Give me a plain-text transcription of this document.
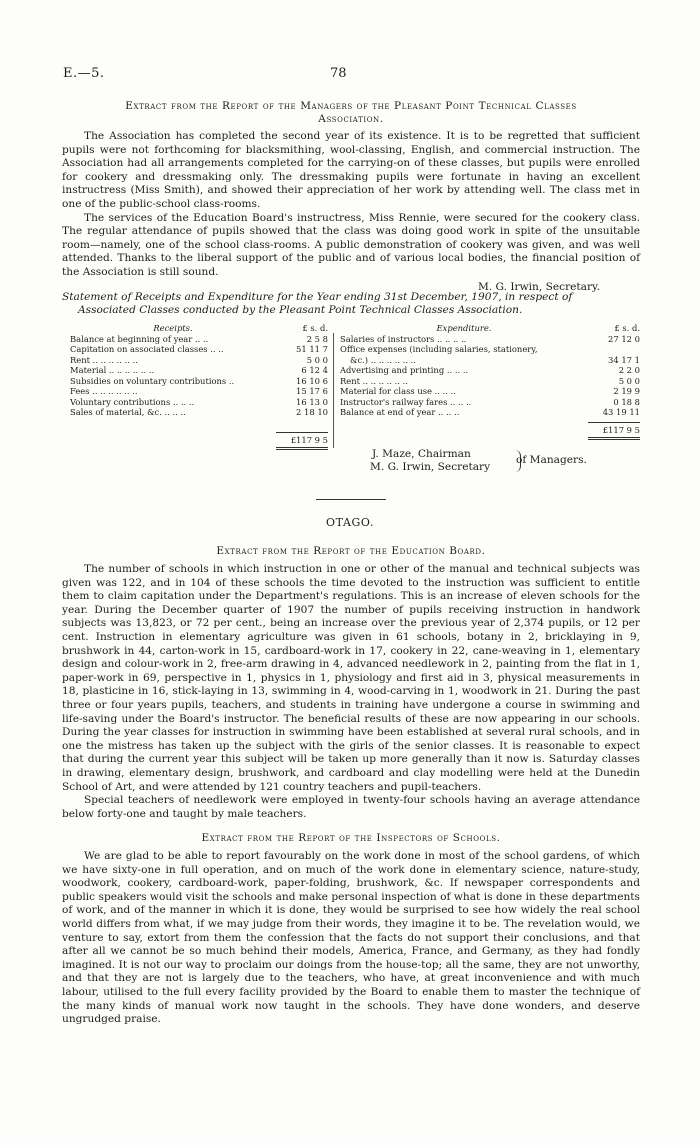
E.—5.	78
Extract from the Report of the Managers of the Pleasant Point Technical Classes Association.

The Association has completed the second year of its existence. It is to be regretted that sufficient pupils were not forthcoming for blacksmithing, wool-classing, English, and commercial instruction. The Association had all arrangements completed for the carrying-on of these classes, but pupils were enrolled for cookery and dressmaking only. The dressmaking pupils were fortunate in having an excellent instructress (Miss Smith), and showed their appreciation of her work by attending well. The class met in one of the public-school class-rooms.

The services of the Education Board's instructress, Miss Rennie, were secured for the cookery class. The regular attendance of pupils showed that the class was doing good work in spite of the unsuitable room—namely, one of the school class-rooms. A public demonstration of cookery was given, and was well attended. Thanks to the liberal support of the public and of various local bodies, the financial position of the Association is still sound.

M. G. Irwin, Secretary.
Statement of Receipts and Expenditure for the Year ending 31st December, 1907, in respect of
Associated Classes conducted by the Pleasant Point Technical Classes Association.
Receipts.	£ s. d.
Balance at beginning of year .. ..	2 5 8
Capitation on associated classes .. ..	51 11 7
Rent .. .. .. .. .. ..	5 0 0
Material .. .. .. .. .. ..	6 12 4
Subsidies on voluntary contributions ..	16 10 6
Fees .. .. .. .. .. ..	15 17 6
Voluntary contributions .. .. ..	16 13 0
Sales of material, &c. .. .. ..	2 18 10
£117 9 5
Expenditure.	£ s. d.
Salaries of instructors .. .. .. ..	27 12 0
Office expenses (including salaries, stationery,
&c.) .. .. .. .. .. ..	34 17 1
Advertising and printing .. .. ..	2 2 0
Rent .. .. .. .. .. ..	5 0 0
Material for class use .. .. ..	2 19 9
Instructor's railway fares .. .. ..	0 18 8
Balance at end of year .. .. ..	43 19 11
£117 9 5
J. Maze, Chairman
M. G. Irwin, Secretary
of Managers.
OTAGO.
Extract from the Report of the Education Board.

The number of schools in which instruction in one or other of the manual and technical subjects was given was 122, and in 104 of these schools the time devoted to the instruction was sufficient to entitle them to claim capitation under the Department's regulations. This is an increase of eleven schools for the year. During the December quarter of 1907 the number of pupils receiving instruction in handwork subjects was 13,823, or 72 per cent., being an increase over the previous year of 2,374 pupils, or 12 per cent. Instruction in elementary agriculture was given in 61 schools, botany in 2, bricklaying in 9, brushwork in 44, carton-work in 15, cardboard-work in 17, cookery in 22, cane-weaving in 1, elementary design and colour-work in 2, free-arm drawing in 4, advanced needlework in 2, painting from the flat in 1, paper-work in 69, perspective in 1, physics in 1, physiology and first aid in 3, physical measurements in 18, plasticine in 16, stick-laying in 13, swimming in 4, wood-carving in 1, woodwork in 21. During the past three or four years pupils, teachers, and students in training have undergone a course in swimming and life-saving under the Board's instructor. The beneficial results of these are now appearing in our schools. During the year classes for instruction in swimming have been established at several rural schools, and in one the mistress has taken up the subject with the girls of the senior classes. It is reasonable to expect that during the current year this subject will be taken up more generally than it now is. Saturday classes in drawing, elementary design, brushwork, and cardboard and clay modelling were held at the Dunedin School of Art, and were attended by 121 country teachers and pupil-teachers.

Special teachers of needlework were employed in twenty-four schools having an average attendance below forty-one and taught by male teachers.

Extract from the Report of the Inspectors of Schools.

We are glad to be able to report favourably on the work done in most of the school gardens, of which we have sixty-one in full operation, and on much of the work done in elementary science, nature-study, woodwork, cookery, cardboard-work, paper-folding, brushwork, &c. If newspaper correspondents and public speakers would visit the schools and make personal inspection of what is done in these departments of work, and of the manner in which it is done, they would be surprised to see how widely the real school world differs from what, if we may judge from their words, they imagine it to be. The revelation would, we venture to say, extort from them the confession that the facts do not support their conclusions, and that after all we cannot be so much behind their models, America, France, and Germany, as they had fondly imagined. It is not our way to proclaim our doings from the house-top; all the same, they are not unworthy, and that they are not is largely due to the teachers, who have, at great inconvenience and with much labour, utilised to the full every facility provided by the Board to enable them to master the technique of the many kinds of manual work now taught in the schools. They have done wonders, and deserve ungrudged praise.
